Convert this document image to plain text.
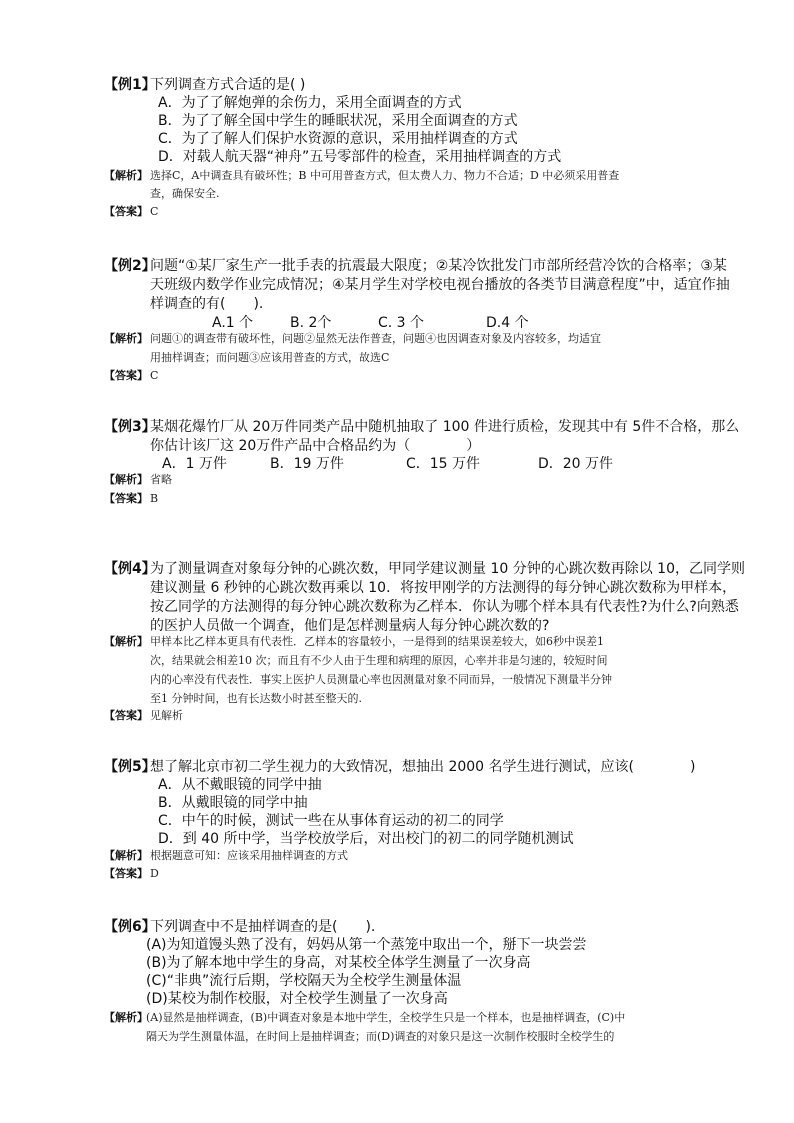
【例1】
下列调查方式合适的是( )
A．为了了解炮弹的余伤力，采用全面调查的方式
B．为了了解全国中学生的睡眠状况，采用全面调查的方式
C．为了了解人们保护水资源的意识，采用抽样调查的方式
D．对载人航天器“神舟”五号零部件的检查，采用抽样调查的方式
【解析】 选择C，A中调查具有破坏性；B 中可用普查方式，但太费人力、物力不合适；D 中必须采用普查
查，确保安全.
【答案】 C
【例2】
问题“①某厂家生产一批手表的抗震最大限度；②某冷饮批发门市部所经营冷饮的合格率；③某
天班级内数学作业完成情况；④某月学生对学校电视台播放的各类节目满意程度”中，适宜作抽
样调查的有(　　).
A.1 个	B. 2个	C. 3 个	D.4 个
【解析】 问题①的调查带有破坏性，问题②显然无法作普查，问题④也因调查对象及内容较多，均适宜
用抽样调查；而问题③应该用普查的方式，故选C
【答案】 C
【例3】
某烟花爆竹厂从 20万件同类产品中随机抽取了 100 件进行质检，发现其中有 5件不合格，那么
你估计该厂这 20万件产品中合格品约为（　　　　）
A．1 万件	B．19 万件	C．15 万件	D．20 万件
【解析】 省略
【答案】 B
【例4】
为了测量调查对象每分钟的心跳次数，甲同学建议测量 10 分钟的心跳次数再除以 10，乙同学则
建议测量 6 秒钟的心跳次数再乘以 10．将按甲刚学的方法测得的每分钟心跳次数称为甲样本，
按乙同学的方法测得的每分钟心跳次数称为乙样本．你认为哪个样本具有代表性?为什么?向熟悉
的医护人员做一个调查，他们是怎样测量病人每分钟心跳次数的?
【解析】 甲样本比乙样本更具有代表性．乙样本的容量较小，一是得到的结果误差较大，如6秒中误差1
次，结果就会相差10 次；而且有不少人由于生理和病理的原因，心率并非是匀速的，较短时间
内的心率没有代表性．事实上医护人员测量心率也因测量对象不同而异，一般情况下测量半分钟
至1 分钟时间，也有长达数小时甚至整天的.
【答案】 见解析
【例5】
想了解北京市初二学生视力的大致情况，想抽出 2000 名学生进行测试，应该(　　　　)
A．从不戴眼镜的同学中抽
B．从戴眼镜的同学中抽
C．中午的时候，测试一些在从事体育运动的初二的同学
D．到 40 所中学，当学校放学后，对出校门的初二的同学随机测试
【解析】 根据题意可知：应该采用抽样调查的方式
【答案】 D
【例6】
下列调查中不是抽样调查的是(　　).
(A)为知道馒头熟了没有，妈妈从第一个蒸笼中取出一个，掰下一块尝尝
(B)为了解本地中学生的身高，对某校全体学生测量了一次身高
(C)“非典”流行后期，学校隔天为全校学生测量体温
(D)某校为制作校服，对全校学生测量了一次身高
【解析】
(A)显然是抽样调查，(B)中调查对象是本地中学生，全校学生只是一个样本，也是抽样调查，(C)中
隔天为学生测量体温，在时间上是抽样调查；而(D)调查的对象只是这一次制作校服时全校学生的
